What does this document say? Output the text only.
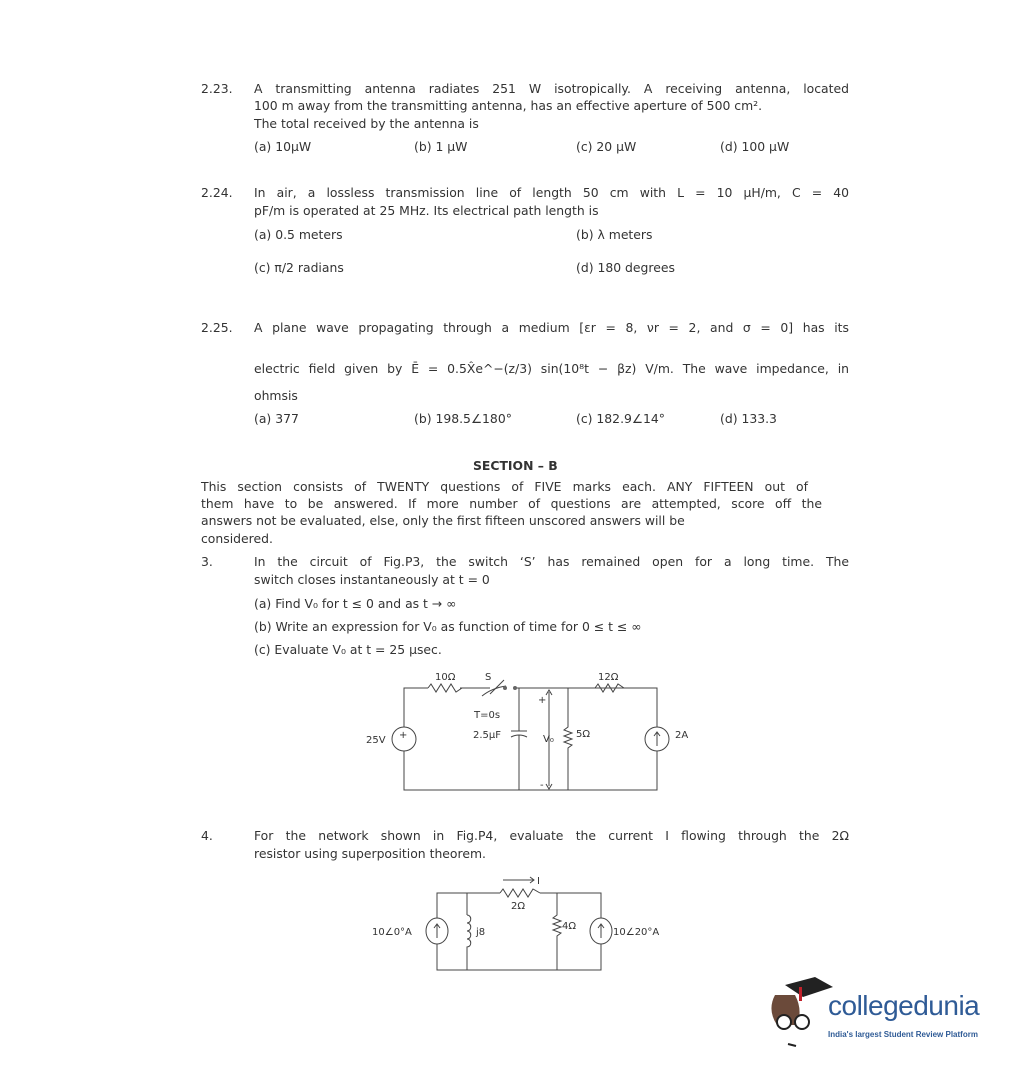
2.23. A transmitting antenna radiates 251 W isotropically. A receiving antenna, located
100 m away from the transmitting antenna, has an effective aperture of 500 cm².
The total received by the antenna is
(a) 10µW	(b) 1 µW	(c) 20 µW	(d) 100 µW
2.24. In air, a lossless transmission line of length 50 cm with L = 10 µH/m, C = 40
pF/m is operated at 25 MHz. Its electrical path length is
(a) 0.5 meters	(b) λ meters
(c) π/2 radians	(d) 180 degrees
2.25. A plane wave propagating through a medium [εr = 8, νr = 2, and σ = 0] has its
electric field given by Ē = 0.5X̂e^−(z/3) sin(10⁸t − βz) V/m. The wave impedance, in
ohmsis
(a) 377	(b) 198.5∠180°	(c) 182.9∠14°	(d) 133.3
SECTION – B
This section consists of TWENTY questions of FIVE marks each. ANY FIFTEEN out of
them have to be answered. If more number of questions are attempted, score off the
answers not be evaluated, else, only the first fifteen unscored answers will be
considered.
3.	In the circuit of Fig.P3, the switch ‘S’ has remained open for a long time. The
switch closes instantaneously at t = 0
(a) Find V₀ for t ≤ 0 and as t → ∞
(b) Write an expression for V₀ as function of time for 0 ≤ t ≤ ∞
(c) Evaluate V₀ at t = 25 µsec.
10Ω	S
T=0s
2.5µF
+
V₀
-
5Ω
12Ω
25V	2A
+
10∠0°A	j8
2Ω
I
4Ω
10∠20°A
4.	For the network shown in Fig.P4, evaluate the current I flowing through the 2Ω
resistor using superposition theorem.
collegedunia
India's largest Student Review Platform
